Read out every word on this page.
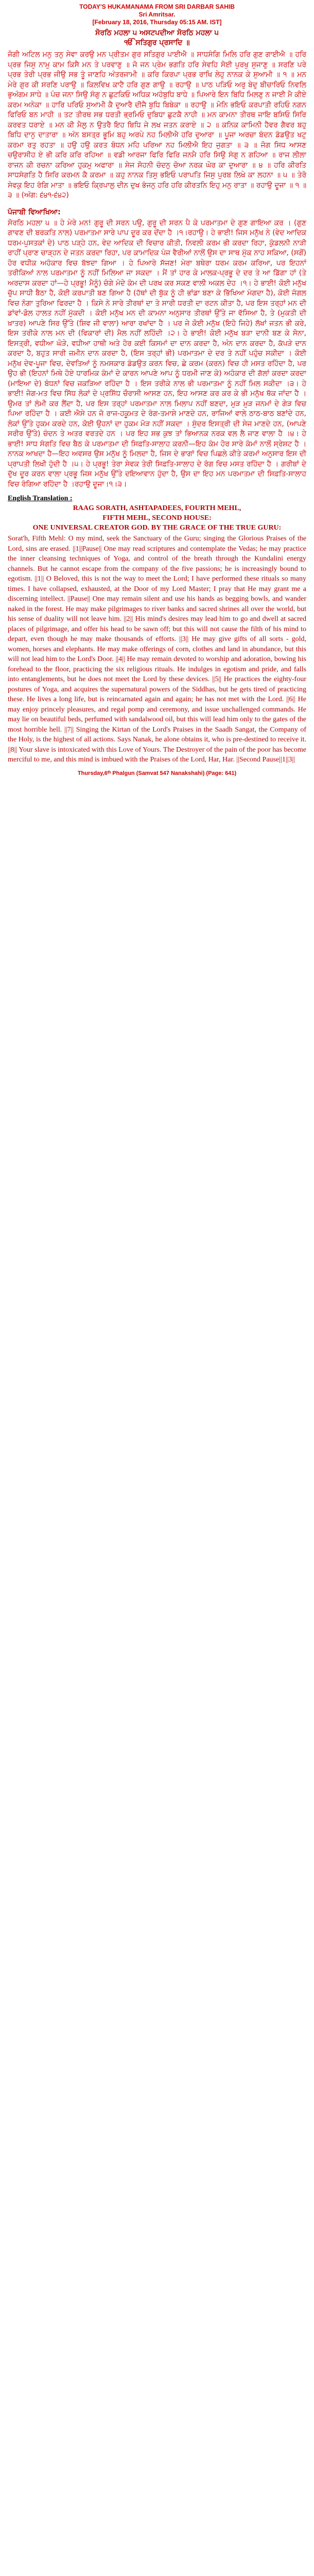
TODAY'S HUKAMANAMA FROM SRI DARBAR SAHIB
Sri Amritsar.
[February 18, 2016, Thursday 05:15 AM. IST]
ਸੋਰਠਿ ਮਹਲਾ ੫ ਅਸਟਪਦੀਆ ਸੋਰਠਿ ਮਹਲਾ ੫
ੴ ਸਤਿਗੁਰ ਪ੍ਰਸਾਦਿ ॥

ਜੋਗੀ ਅਟਿਲ ਮਨੁ ਤਨੁ ਸੇਵਾ ਕਰਉ ਮਨ ਪ੍ਰੀਤਮ ਗੁਰ ਸਤਿਗੁਰ ਪਾਈਐ ॥ ਸਾਧਸੰਗਿ ਮਿਲਿ ਹਰਿ ਗੁਣ ਗਾਈਐ ॥ ਹਰਿ ਪ੍ਰਭ ਜਿਸੁ ਨਾਮੁ ਕਾਮ ਕਿਸੈ ਮਨ ਤੇ ਪਰਵਾਣੁ ॥ ਜੋ ਜਨ ਪ੍ਰੇਮ ਭਗਤਿ ਹਰਿ ਸੇਵਹਿ ਸੋਈ ਪੁਰਖੁ ਸੁਜਾਣੁ ॥ ਸਰਣਿ ਪਰੇ ਪ੍ਰਭ ਤੇਰੀ ਪ੍ਰਭ ਜੀਉ ਸਭ ਤੂੰ ਜਾਣਹਿ ਅੰਤਰਜਾਮੀ ॥ ਕਰਿ ਕਿਰਪਾ ਪ੍ਰਭ ਰਾਖਿ ਲੇਹੁ ਨਾਨਕ ਕੇ ਸੁਆਮੀ ॥ ੧ ॥ ਮਨ ਮੇਰੇ ਗੁਰ ਕੀ ਸਰਣਿ ਪਰਾਉ ॥ ਕਿਲਵਿਖ ਕਾਟੈ ਹਰਿ ਗੁਣ ਗਾਉ ॥ ਰਹਾਉ ॥ ਪਾਠ ਪੜਿਓ ਅਰੁ ਬੇਦੁ ਬੀਚਾਰਿਓ ਨਿਵਲਿ ਭੁਅੰਗਮ ਸਾਧੇ ॥ ਪੰਚ ਜਨਾ ਸਿਉ ਸੰਗੁ ਨ ਛੁਟਕਿਓ ਅਧਿਕ ਅਹੰਬੁਧਿ ਬਾਧੇ ॥ ਪਿਆਰੇ ਇਨ ਬਿਧਿ ਮਿਲਣੁ ਨ ਜਾਈ ਮੈ ਕੀਏ ਕਰਮ ਅਨੇਕਾ ॥ ਹਾਰਿ ਪਰਿਓ ਸੁਆਮੀ ਕੈ ਦੁਆਰੈ ਦੀਜੈ ਬੁਧਿ ਬਿਬੇਕਾ ॥ ਰਹਾਉ ॥ ਮੋਨਿ ਭਇਓ ਕਰਪਾਤੀ ਰਹਿਓ ਨਗਨ ਫਿਰਿਓ ਬਨ ਮਾਹੀ ॥ ਤਟ ਤੀਰਥ ਸਭ ਧਰਤੀ ਭ੍ਰਮਿਓ ਦੁਬਿਧਾ ਛੁਟਕੈ ਨਾਹੀ ॥ ਮਨ ਕਾਮਨਾ ਤੀਰਥ ਜਾਇ ਬਸਿਓ ਸਿਰਿ ਕਰਵਤ ਧਰਾਏ ॥ ਮਨ ਕੀ ਮੈਲੁ ਨ ਉਤਰੈ ਇਹ ਬਿਧਿ ਜੇ ਲਖ ਜਤਨ ਕਰਾਏ ॥ ੨ ॥ ਕਨਿਕ ਕਾਮਿਨੀ ਹੈਵਰ ਗੈਵਰ ਬਹੁ ਬਿਧਿ ਦਾਨੁ ਦਾਤਾਰਾ ॥ ਅੰਨ ਬਸਤ੍ਰ ਭੂਮਿ ਬਹੁ ਅਰਪੇ ਨਹ ਮਿਲੀਐ ਹਰਿ ਦੁਆਰਾ ॥ ਪੂਜਾ ਅਰਚਾ ਬੰਦਨ ਡੰਡਉਤ ਖਟੁ ਕਰਮਾ ਰਤੁ ਰਹਤਾ ॥ ਹਉ ਹਉ ਕਰਤ ਬੰਧਨ ਮਹਿ ਪਰਿਆ ਨਹ ਮਿਲੀਐ ਇਹ ਜੁਗਤਾ ॥ ੩ ॥ ਜੋਗ ਸਿਧ ਆਸਣ ਚਉਰਾਸੀਹ ਏ ਭੀ ਕਰਿ ਕਰਿ ਰਹਿਆ ॥ ਵਡੀ ਆਰਜਾ ਫਿਰਿ ਫਿਰਿ ਜਨਮੈ ਹਰਿ ਸਿਉ ਸੰਗੁ ਨ ਗਹਿਆ ॥ ਰਾਜ ਲੀਲਾ ਰਾਜਨ ਕੀ ਰਚਨਾ ਕਰਿਆ ਹੁਕਮੁ ਅਫਾਰਾ ॥ ਸੇਜ ਸੋਹਨੀ ਚੰਦਨੁ ਚੋਆ ਨਰਕ ਘੋਰ ਕਾ ਦੁਆਰਾ ॥ ੪ ॥ ਹਰਿ ਕੀਰਤਿ ਸਾਧਸੰਗਤਿ ਹੈ ਸਿਰਿ ਕਰਮਨ ਕੈ ਕਰਮਾ ॥ ਕਹੁ ਨਾਨਕ ਤਿਸੁ ਭਇਓ ਪਰਾਪਤਿ ਜਿਸੁ ਪੁਰਬ ਲਿਖੇ ਕਾ ਲਹਨਾ ॥ ੫ ॥ ਤੇਰੋ ਸੇਵਕੁ ਇਹ ਰੰਗਿ ਮਾਤਾ ॥ ਭਇਓ ਕ੍ਰਿਪਾਲੁ ਦੀਨ ਦੁਖ ਭੰਜਨੁ ਹਰਿ ਹਰਿ ਕੀਰਤਨਿ ਇਹੁ ਮਨੁ ਰਾਤਾ ॥ ਰਹਾਉ ਦੂਜਾ ॥ ੧ ॥ ੩ ॥ (ਅੰਗ: ੬੪੧-੬੪੨)

ਪੰਜਾਬੀ ਵਿਆਖਿਆ:

ਸੋਰਠਿ ਮਹਲਾ ੫ ॥ ਹੇ ਮੇਰੇ ਮਨ! ਗੁਰੂ ਦੀ ਸਰਨ ਪਉ, ਗੁਰੂ ਦੀ ਸਰਨ ਪੈ ਕੇ ਪਰਮਾਤਮਾ ਦੇ ਗੁਣ ਗਾਇਆ ਕਰ । (ਗੁਣ ਗਾਵਣ ਦੀ ਬਰਕਤਿ ਨਾਲ) ਪਰਮਾਤਮਾ ਸਾਰੇ ਪਾਪ ਦੂਰ ਕਰ ਦੇਂਦਾ ਹੈ ।੧।ਰਹਾਉ। ਹੇ ਭਾਈ! ਜਿਸ ਮਨੁੱਖ ਨੇ (ਵੇਦ ਆਦਿਕ ਧਰਮ-ਪੁਸਤਕਾਂ ਦੇ) ਪਾਠ ਪੜ੍ਹੇ ਹਨ, ਵੇਦ ਆਦਿਕ ਦੀ ਵਿਚਾਰ ਕੀਤੀ, ਨਿਵਲੀ ਕਰਮ ਭੀ ਕਰਦਾ ਰਿਹਾ, ਕੁੰਡਲਨੀ ਨਾੜੀ ਰਾਹੀਂ ਪ੍ਰਾਣ ਚਾੜ੍ਹਨ ਦੇ ਜਤਨ ਕਰਦਾ ਰਿਹਾ, ਪਰ ਕਾਮਾਦਿਕ ਪੰਜ ਵੈਰੀਆਂ ਨਾਲੋਂ ਉਸ ਦਾ ਸਾਥ ਮੁੱਕ ਨਾਹ ਸਕਿਆ, (ਸਗੋਂ) ਹੋਰ ਵਧੀਕ ਅਹੰਕਾਰ ਵਿਚ ਬੱਝਦਾ ਗਿਆ । ਹੇ ਪਿਆਰੇ ਸੱਜਣ! ਮੇਰਾ ਬਥੇਰਾ ਧਰਮ ਕਰਮ ਕਰਿਆ, ਪਰ ਇਹਨਾਂ ਤਰੀਕਿਆਂ ਨਾਲ ਪਰਮਾਤਮਾ ਨੂੰ ਨਹੀਂ ਮਿਲਿਆ ਜਾ ਸਕਦਾ । ਮੈਂ ਤਾਂ ਹਾਰ ਕੇ ਮਾਲਕ-ਪ੍ਰਭੂ ਦੇ ਦਰ ਤੇ ਆ ਡਿੱਗਾ ਹਾਂ (ਤੇ ਅਰਦਾਸ ਕਰਦਾ ਹਾਂ—ਹੇ ਪ੍ਰਭੂ! ਮੈਨੂੰ) ਚੰਗੇ ਮੰਦੇ ਕੰਮ ਦੀ ਪਰਖ ਕਰ ਸਕਣ ਵਾਲੀ ਅਕਲ ਦੇਹ ।੧। ਹੇ ਭਾਈ! ਕੋਈ ਮਨੁੱਖ ਚੁੱਪ ਸਾਧੀ ਬੈਠਾ ਹੈ, ਕੋਈ ਕਰਪਾਤੀ ਬਣ ਗਿਆ ਹੈ (ਹੱਥਾਂ ਦੀ ਬੁੱਕ ਨੂੰ ਹੀ ਭਾਂਡਾ ਬਣਾ ਕੇ ਭਿੱਖਿਆ ਮੰਗਦਾ ਹੈ), ਕੋਈ ਜੰਗਲ ਵਿਚ ਨੰਗਾ ਤੁਰਿਆ ਫਿਰਦਾ ਹੈ । ਕਿਸੇ ਨੇ ਸਾਰੇ ਤੀਰਥਾਂ ਦਾ ਤੇ ਸਾਰੀ ਧਰਤੀ ਦਾ ਰਟਨ ਕੀਤਾ ਹੈ, ਪਰ ਇਸ ਤਰ੍ਹਾਂ ਮਨ ਦੀ ਡਾਂਵਾਂ-ਡੋਲ ਹਾਲਤ ਨਹੀਂ ਮੁੱਕਦੀ । ਕੋਈ ਮਨੁੱਖ ਮਨ ਦੀ ਕਾਮਨਾ ਅਨੁਸਾਰ ਤੀਰਥਾਂ ਉੱਤੇ ਜਾ ਵੱਸਿਆ ਹੈ, ਤੇ (ਮੁਕਤੀ ਦੀ ਖ਼ਾਤਰ) ਆਪਣੇ ਸਿਰ ਉੱਤੇ (ਸ਼ਿਵ ਜੀ ਵਾਲਾ) ਆਰਾ ਰਖਾਂਦਾ ਹੈ । ਪਰ ਜੇ ਕੋਈ ਮਨੁੱਖ (ਇਹੋ ਜਿਹੇ) ਲੱਖਾਂ ਜਤਨ ਭੀ ਕਰੇ, ਇਸ ਤਰੀਕੇ ਨਾਲ ਮਨ ਦੀ (ਵਿਕਾਰਾਂ ਦੀ) ਮੈਲ ਨਹੀਂ ਲਹਿੰਦੀ ।੨। ਹੇ ਭਾਈ! ਕੋਈ ਮਨੁੱਖ ਬੜਾ ਦਾਨੀ ਬਣ ਕੇ ਸੋਨਾ, ਇਸਤ੍ਰੀ, ਵਧੀਆ ਘੋੜੇ, ਵਧੀਆ ਹਾਥੀ ਅਤੇ ਹੋਰ ਕਈ ਕਿਸਮਾਂ ਦਾ ਦਾਨ ਕਰਦਾ ਹੈ, ਅੰਨ ਦਾਨ ਕਰਦਾ ਹੈ, ਕੱਪੜੇ ਦਾਨ ਕਰਦਾ ਹੈ, ਬਹੁਤ ਸਾਰੀ ਜ਼ਮੀਨ ਦਾਨ ਕਰਦਾ ਹੈ, (ਇਸ ਤਰ੍ਹਾਂ ਭੀ) ਪਰਮਾਤਮਾ ਦੇ ਦਰ ਤੇ ਨਹੀਂ ਪਹੁੰਚ ਸਕੀਦਾ । ਕੋਈ ਮਨੁੱਖ ਦੇਵ-ਪੂਜਾ ਵਿਚ, ਦੇਵਤਿਆਂ ਨੂੰ ਨਮਸਕਾਰ ਡੰਡਉਤ ਕਰਨ ਵਿਚ, ਛੇ ਕਰਮ (ਕਰਨ) ਵਿਚ ਹੀ ਮਸਤ ਰਹਿੰਦਾ ਹੈ, ਪਰ ਉਹ ਭੀ (ਇਹਨਾਂ ਮਿਥੇ ਹੋਏ ਧਾਰਮਿਕ ਕੰਮਾਂ ਦੇ ਕਾਰਨ ਆਪਣੇ ਆਪ ਨੂੰ ਧਰਮੀ ਜਾਣ ਕੇ) ਅਹੰਕਾਰ ਦੀ ਗੱਲਾਂ ਕਰਦਾ ਕਰਦਾ (ਮਾਇਆ ਦੇ) ਬੰਧਨਾਂ ਵਿਚ ਜਕੜਿਆ ਰਹਿੰਦਾ ਹੈ । ਇਸ ਤਰੀਕੇ ਨਾਲ ਭੀ ਪਰਮਾਤਮਾ ਨੂੰ ਨਹੀਂ ਮਿਲ ਸਕੀਦਾ ।੩। ਹੇ ਭਾਈ! ਜੋਗ-ਮਤ ਵਿਚ ਸਿੱਧ ਲੋਕਾਂ ਦੇ ਪ੍ਰਸਿੱਧ ਚੌਰਾਸੀ ਆਸਣ ਹਨ, ਇਹ ਆਸਣ ਕਰ ਕਰ ਕੇ ਭੀ ਮਨੁੱਖ ਥੱਕ ਜਾਂਦਾ ਹੈ । ਉਮਰ ਤਾਂ ਲੰਮੀ ਕਰ ਲੈਂਦਾ ਹੈ, ਪਰ ਇਸ ਤਰ੍ਹਾਂ ਪਰਮਾਤਮਾ ਨਾਲ ਮਿਲਾਪ ਨਹੀਂ ਬਣਦਾ, ਮੁੜ ਮੁੜ ਜਨਮਾਂ ਦੇ ਗੇੜ ਵਿਚ ਪਿਆ ਰਹਿੰਦਾ ਹੈ । ਕਈ ਐਸੇ ਹਨ ਜੋ ਰਾਜ-ਹਕੂਮਤ ਦੇ ਰੰਗ-ਤਮਾਸ਼ੇ ਮਾਣਦੇ ਹਨ, ਰਾਜਿਆਂ ਵਾਲੇ ਠਾਠ-ਬਾਠ ਬਣਾਂਦੇ ਹਨ, ਲੋਕਾਂ ਉੱਤੇ ਹੁਕਮ ਕਰਦੇ ਹਨ, ਕੋਈ ਉਹਨਾਂ ਦਾ ਹੁਕਮ ਮੋੜ ਨਹੀਂ ਸਕਦਾ । ਸੁੰਦਰ ਇਸਤ੍ਰੀ ਦੀ ਸੇਜ ਮਾਣਦੇ ਹਨ, (ਆਪਣੇ ਸਰੀਰ ਉੱਤੇ) ਚੰਦਨ ਤੇ ਅਤਰ ਵਰਤਦੇ ਹਨ । ਪਰ ਇਹ ਸਭ ਕੁਝ ਤਾਂ ਭਿਆਨਕ ਨਰਕ ਵਲ ਲੈ ਜਾਣ ਵਾਲਾ ਹੈ ।੪। ਹੇ ਭਾਈ! ਸਾਧ ਸੰਗਤਿ ਵਿਚ ਬੈਠ ਕੇ ਪਰਮਾਤਮਾ ਦੀ ਸਿਫ਼ਤਿ-ਸਾਲਾਹ ਕਰਨੀ—ਇਹ ਕੰਮ ਹੋਰ ਸਾਰੇ ਕੰਮਾਂ ਨਾਲੋਂ ਸ੍ਰੇਸ਼ਟ ਹੈ । ਨਾਨਕ ਆਖਦਾ ਹੈ—ਇਹ ਅਵਸਰ ਉਸ ਮਨੁੱਖ ਨੂੰ ਮਿਲਦਾ ਹੈ, ਜਿਸ ਦੇ ਭਾਗਾਂ ਵਿਚ ਪਿਛਲੇ ਕੀਤੇ ਕਰਮਾਂ ਅਨੁਸਾਰ ਇਸ ਦੀ ਪ੍ਰਾਪਤੀ ਲਿਖੀ ਹੁੰਦੀ ਹੈ ।੫। ਹੇ ਪ੍ਰਭੂ! ਤੇਰਾ ਸੇਵਕ ਤੇਰੀ ਸਿਫ਼ਤਿ-ਸਾਲਾਹ ਦੇ ਰੰਗ ਵਿਚ ਮਸਤ ਰਹਿੰਦਾ ਹੈ । ਗਰੀਬਾਂ ਦੇ ਦੁੱਖ ਦੂਰ ਕਰਨ ਵਾਲਾ ਪ੍ਰਭੂ ਜਿਸ ਮਨੁੱਖ ਉੱਤੇ ਦਇਆਵਾਨ ਹੁੰਦਾ ਹੈ, ਉਸ ਦਾ ਇਹ ਮਨ ਪਰਮਾਤਮਾ ਦੀ ਸਿਫ਼ਤਿ-ਸਾਲਾਹ ਵਿਚ ਰੰਗਿਆ ਰਹਿੰਦਾ ਹੈ ।ਰਹਾਉ ਦੂਜਾ।੧।੩।

English Translation :
RAAG SORATH, ASHTAPADEES, FOURTH MEHL,
FIFTH MEHL, SECOND HOUSE:
ONE UNIVERSAL CREATOR GOD. BY THE GRACE OF THE TRUE GURU:

Sorat'h, Fifth Mehl: O my mind, seek the Sanctuary of the Guru; singing the Glorious Praises of the Lord, sins are erased. ||1||Pause|| One may read scriptures and contemplate the Vedas; he may practice the inner cleansing techniques of Yoga, and control of the breath through the Kundalini energy channels. But he cannot escape from the company of the five passions; he is increasingly bound to egotism. ||1|| O Beloved, this is not the way to meet the Lord; I have performed these rituals so many times. I have collapsed, exhausted, at the Door of my Lord Master; I pray that He may grant me a discerning intellect. ||Pause|| One may remain silent and use his hands as begging bowls, and wander naked in the forest. He may make pilgrimages to river banks and sacred shrines all over the world, but his sense of duality will not leave him. ||2|| His mind's desires may lead him to go and dwell at sacred places of pilgrimage, and offer his head to be sawn off; but this will not cause the filth of his mind to depart, even though he may make thousands of efforts. ||3|| He may give gifts of all sorts - gold, women, horses and elephants. He may make offerings of corn, clothes and land in abundance, but this will not lead him to the Lord's Door. ||4|| He may remain devoted to worship and adoration, bowing his forehead to the floor, practicing the six religious rituals. He indulges in egotism and pride, and falls into entanglements, but he does not meet the Lord by these devices. ||5|| He practices the eighty-four postures of Yoga, and acquires the supernatural powers of the Siddhas, but he gets tired of practicing these. He lives a long life, but is reincarnated again and again; he has not met with the Lord. ||6|| He may enjoy princely pleasures, and regal pomp and ceremony, and issue unchallenged commands. He may lie on beautiful beds, perfumed with sandalwood oil, but this will lead him only to the gates of the most horrible hell. ||7|| Singing the Kirtan of the Lord's Praises in the Saadh Sangat, the Company of the Holy, is the highest of all actions. Says Nanak, he alone obtains it, who is pre-destined to receive it. ||8|| Your slave is intoxicated with this Love of Yours. The Destroyer of the pain of the poor has become merciful to me, and this mind is imbued with the Praises of the Lord, Har, Har. ||Second Pause||1||3||

Thursday,6ᵗʰ Phalgun (Samvat 547 Nanakshahi) (Page: 641)
